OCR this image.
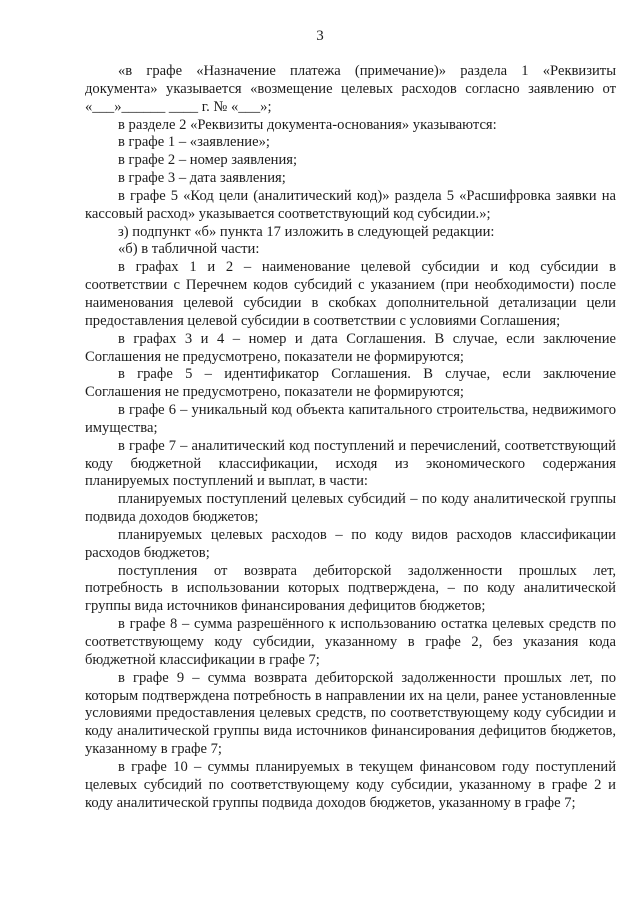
3

«в графе «Назначение платежа (примечание)» раздела 1 «Реквизиты документа» указывается «возмещение целевых расходов согласно заявлению от «___»______ ____ г. № «___»;

в разделе 2 «Реквизиты документа-основания» указываются:

в графе 1 – «заявление»;

в графе 2 – номер заявления;

в графе 3 – дата заявления;

в графе 5 «Код цели (аналитический код)» раздела 5 «Расшифровка заявки на кассовый расход» указывается соответствующий код субсидии.»;

з) подпункт «б» пункта 17 изложить в следующей редакции:

«б) в табличной части:

в графах 1 и 2 – наименование целевой субсидии и код субсидии в соответствии с Перечнем кодов субсидий с указанием (при необходимости) после наименования целевой субсидии в скобках дополнительной детализации цели предоставления целевой субсидии в соответствии с условиями Соглашения;

в графах 3 и 4 – номер и дата Соглашения. В случае, если заключение Соглашения не предусмотрено, показатели не формируются;

в графе 5 – идентификатор Соглашения. В случае, если заключение Соглашения не предусмотрено, показатели не формируются;

в графе 6 – уникальный код объекта капитального строительства, недвижимого имущества;

в графе 7 – аналитический код поступлений и перечислений, соответствующий коду бюджетной классификации, исходя из экономического содержания планируемых поступлений и выплат, в части:

планируемых поступлений целевых субсидий – по коду аналитической группы подвида доходов бюджетов;

планируемых целевых расходов – по коду видов расходов классификации расходов бюджетов;

поступления от возврата дебиторской задолженности прошлых лет, потребность в использовании которых подтверждена, – по коду аналитической группы вида источников финансирования дефицитов бюджетов;

в графе 8 – сумма разрешённого к использованию остатка целевых средств по соответствующему коду субсидии, указанному в графе 2, без указания кода бюджетной классификации в графе 7;

в графе 9 – сумма возврата дебиторской задолженности прошлых лет, по которым подтверждена потребность в направлении их на цели, ранее установленные условиями предоставления целевых средств, по соответствующему коду субсидии и коду аналитической группы вида источников финансирования дефицитов бюджетов, указанному в графе 7;

в графе 10 – суммы планируемых в текущем финансовом году поступлений целевых субсидий по соответствующему коду субсидии, указанному в графе 2 и коду аналитической группы подвида доходов бюджетов, указанному в графе 7;
